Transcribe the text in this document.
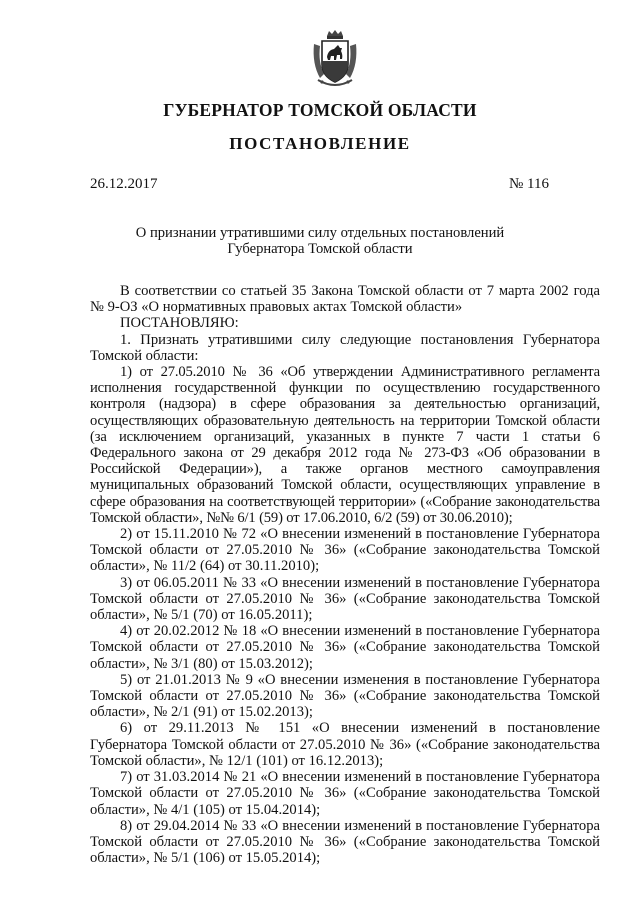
ГУБЕРНАТОР ТОМСКОЙ ОБЛАСТИ
ПОСТАНОВЛЕНИЕ
26.12.2017	№ 116
О признании утратившими силу отдельных постановлений
Губернатора Томской области

В соответствии со статьей 35 Закона Томской области от 7 марта 2002 года № 9-ОЗ «О нормативных правовых актах Томской области»

ПОСТАНОВЛЯЮ:

1. Признать утратившими силу следующие постановления Губернатора Томской области:

1) от 27.05.2010 № 36 «Об утверждении Административного регламента исполнения государственной функции по осуществлению государственного контроля (надзора) в сфере образования за деятельностью организаций, осуществляющих образовательную деятельность на территории Томской области (за исключением организаций, указанных в пункте 7 части 1 статьи 6 Федерального закона от 29 декабря 2012 года № 273-ФЗ «Об образовании в Российской Федерации»), а также органов местного самоуправления муниципальных образований Томской области, осуществляющих управление в сфере образования на соответствующей территории» («Собрание законодательства Томской области», №№ 6/1 (59) от 17.06.2010, 6/2 (59) от 30.06.2010);

2) от 15.11.2010 № 72 «О внесении изменений в постановление Губернатора Томской области от 27.05.2010 № 36» («Собрание законодательства Томской области», № 11/2 (64) от 30.11.2010);

3) от 06.05.2011 № 33 «О внесении изменений в постановление Губернатора Томской области от 27.05.2010 № 36» («Собрание законодательства Томской области», № 5/1 (70) от 16.05.2011);

4) от 20.02.2012 № 18 «О внесении изменений в постановление Губернатора Томской области от 27.05.2010 № 36» («Собрание законодательства Томской области», № 3/1 (80) от 15.03.2012);

5) от 21.01.2013 № 9 «О внесении изменения в постановление Губернатора Томской области от 27.05.2010 № 36» («Собрание законодательства Томской области», № 2/1 (91) от 15.02.2013);

6) от 29.11.2013 № 151 «О внесении изменений в постановление Губернатора Томской области от 27.05.2010 № 36» («Собрание законодательства Томской области», № 12/1 (101) от 16.12.2013);

7) от 31.03.2014 № 21 «О внесении изменений в постановление Губернатора Томской области от 27.05.2010 № 36» («Собрание законодательства Томской области», № 4/1 (105) от 15.04.2014);

8) от 29.04.2014 № 33 «О внесении изменений в постановление Губернатора Томской области от 27.05.2010 № 36» («Собрание законодательства Томской области», № 5/1 (106) от 15.05.2014);
